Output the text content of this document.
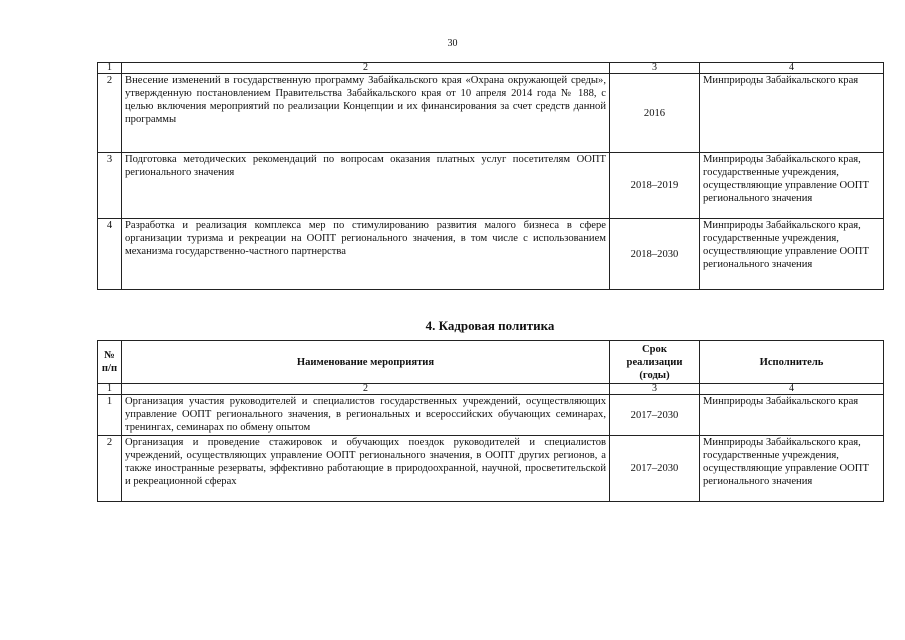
30
1	2	3	4
2	Внесение изменений в государственную программу Забайкальского края «Охрана окружающей среды», утвержденную постановлением Правительства Забайкальского края от 10 апреля 2014 года № 188, с целью включения мероприятий по реализации Концепции и их финансирования за счет средств данной программы	2016	Минприроды Забайкальского края
3	Подготовка методических рекомендаций по вопросам оказания платных услуг посетителям ООПТ регионального значения	2018–2019	Минприроды Забайкальского края, государственные учреждения, осуществляющие управление ООПТ регионального значения
4	Разработка и реализация комплекса мер по стимулированию развития малого бизнеса в сфере организации туризма и рекреации на ООПТ регионального значения, в том числе с использованием механизма государственно-частного партнерства	2018–2030	Минприроды Забайкальского края, государственные учреждения, осуществляющие управление ООПТ регионального значения
4. Кадровая политика
№ п/п	Наименование мероприятия	Срок реализации (годы)	Исполнитель
1	2	3	4
1	Организация участия руководителей и специалистов государственных учреждений, осуществляющих управление ООПТ регионального значения, в региональных и всероссийских обучающих семинарах, тренингах, семинарах по обмену опытом	2017–2030	Минприроды Забайкальского края
2	Организация и проведение стажировок и обучающих поездок руководителей и специалистов учреждений, осуществляющих управление ООПТ регионального значения, в ООПТ других регионов, а также иностранные резерваты, эффективно работающие в природоохранной, научной, просветительской и рекреационной сферах	2017–2030	Минприроды Забайкальского края, государственные учреждения, осуществляющие управление ООПТ регионального значения
